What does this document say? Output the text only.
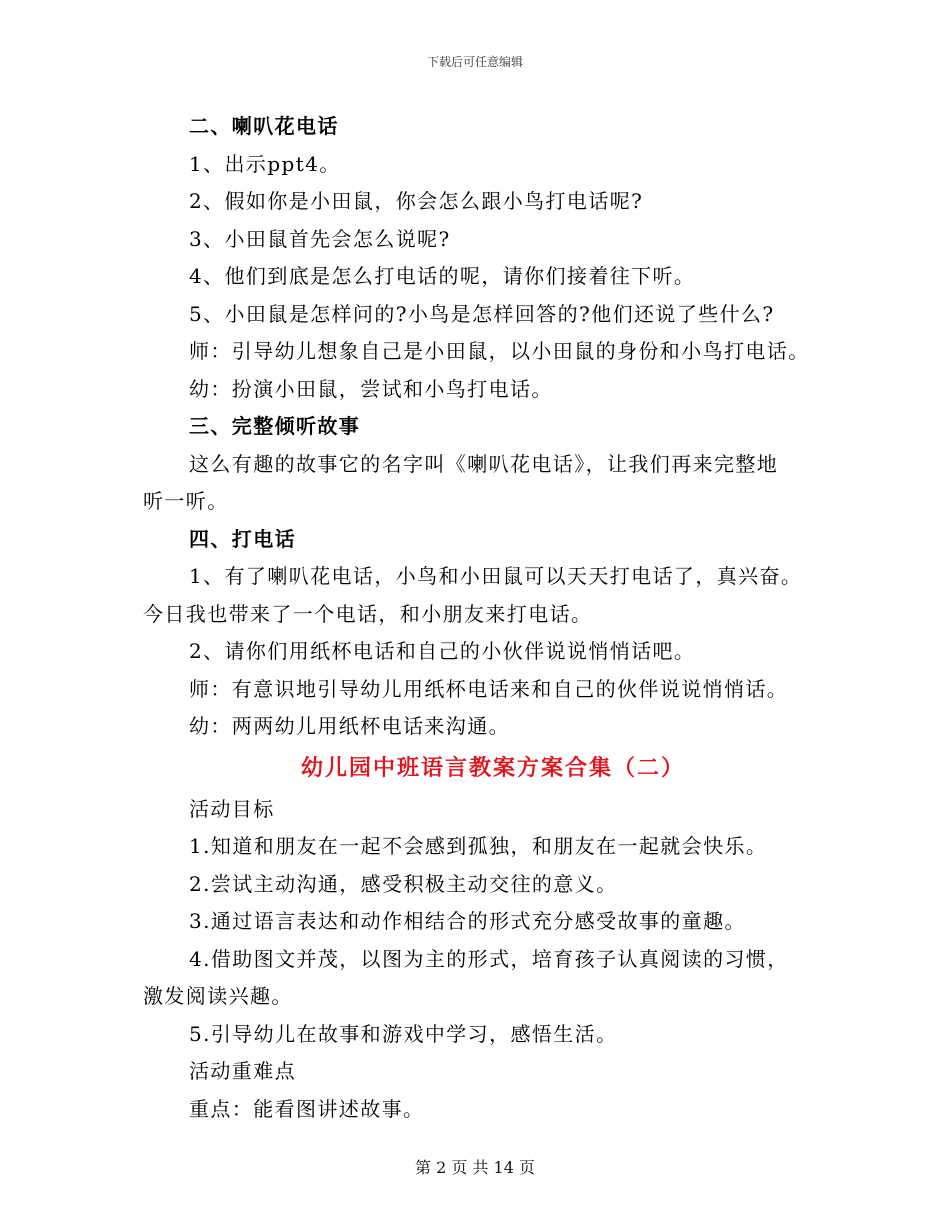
下载后可任意编辑

二、喇叭花电话

1、出示ppt4。

2、假如你是小田鼠，你会怎么跟小鸟打电话呢?

3、小田鼠首先会怎么说呢?

4、他们到底是怎么打电话的呢，请你们接着往下听。

5、小田鼠是怎样问的?小鸟是怎样回答的?他们还说了些什么?

师：引导幼儿想象自己是小田鼠，以小田鼠的身份和小鸟打电话。

幼：扮演小田鼠，尝试和小鸟打电话。

三、完整倾听故事

这么有趣的故事它的名字叫《喇叭花电话》，让我们再来完整地

听一听。

四、打电话

1、有了喇叭花电话，小鸟和小田鼠可以天天打电话了，真兴奋。

今日我也带来了一个电话，和小朋友来打电话。

2、请你们用纸杯电话和自己的小伙伴说说悄悄话吧。

师：有意识地引导幼儿用纸杯电话来和自己的伙伴说说悄悄话。

幼：两两幼儿用纸杯电话来沟通。

幼儿园中班语言教案方案合集（二）

活动目标

1.知道和朋友在一起不会感到孤独，和朋友在一起就会快乐。

2.尝试主动沟通，感受积极主动交往的意义。

3.通过语言表达和动作相结合的形式充分感受故事的童趣。

4.借助图文并茂，以图为主的形式，培育孩子认真阅读的习惯，

激发阅读兴趣。

5.引导幼儿在故事和游戏中学习，感悟生活。

活动重难点

重点：能看图讲述故事。

第 2 页 共 14 页
